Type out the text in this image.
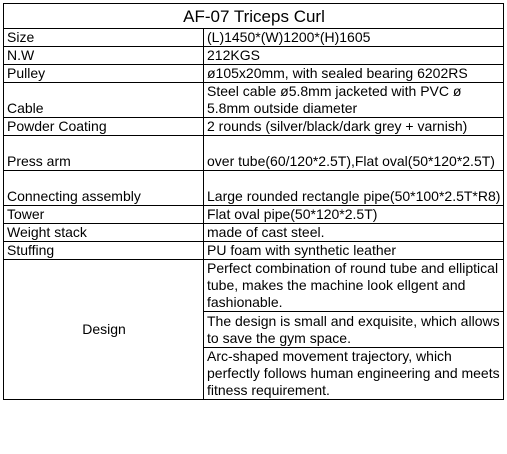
AF-07 Triceps Curl	
Size	(L)1450*(W)1200*(H)1605
N.W	212KGS
Pulley	ø105x20mm, with sealed bearing 6202RS
Cable	Steel cable ø5.8mm jacketed with PVC ø 5.8mm outside diameter
Powder Coating	2 rounds (silver/black/dark grey + varnish)
Press arm	over tube(60/120*2.5T),Flat oval(50*120*2.5T)
Connecting assembly	Large rounded rectangle pipe(50*100*2.5T*R8)
Tower	Flat oval pipe(50*120*2.5T)
Weight stack	made of cast steel.
Stuffing	PU foam with synthetic leather
Design	Perfect combination of round tube and elliptical tube, makes the machine look ellgent and fashionable.
	The design is small and exquisite, which allows to save the gym space.
	Arc-shaped movement trajectory, which perfectly follows human engineering and meets fitness requirement.
